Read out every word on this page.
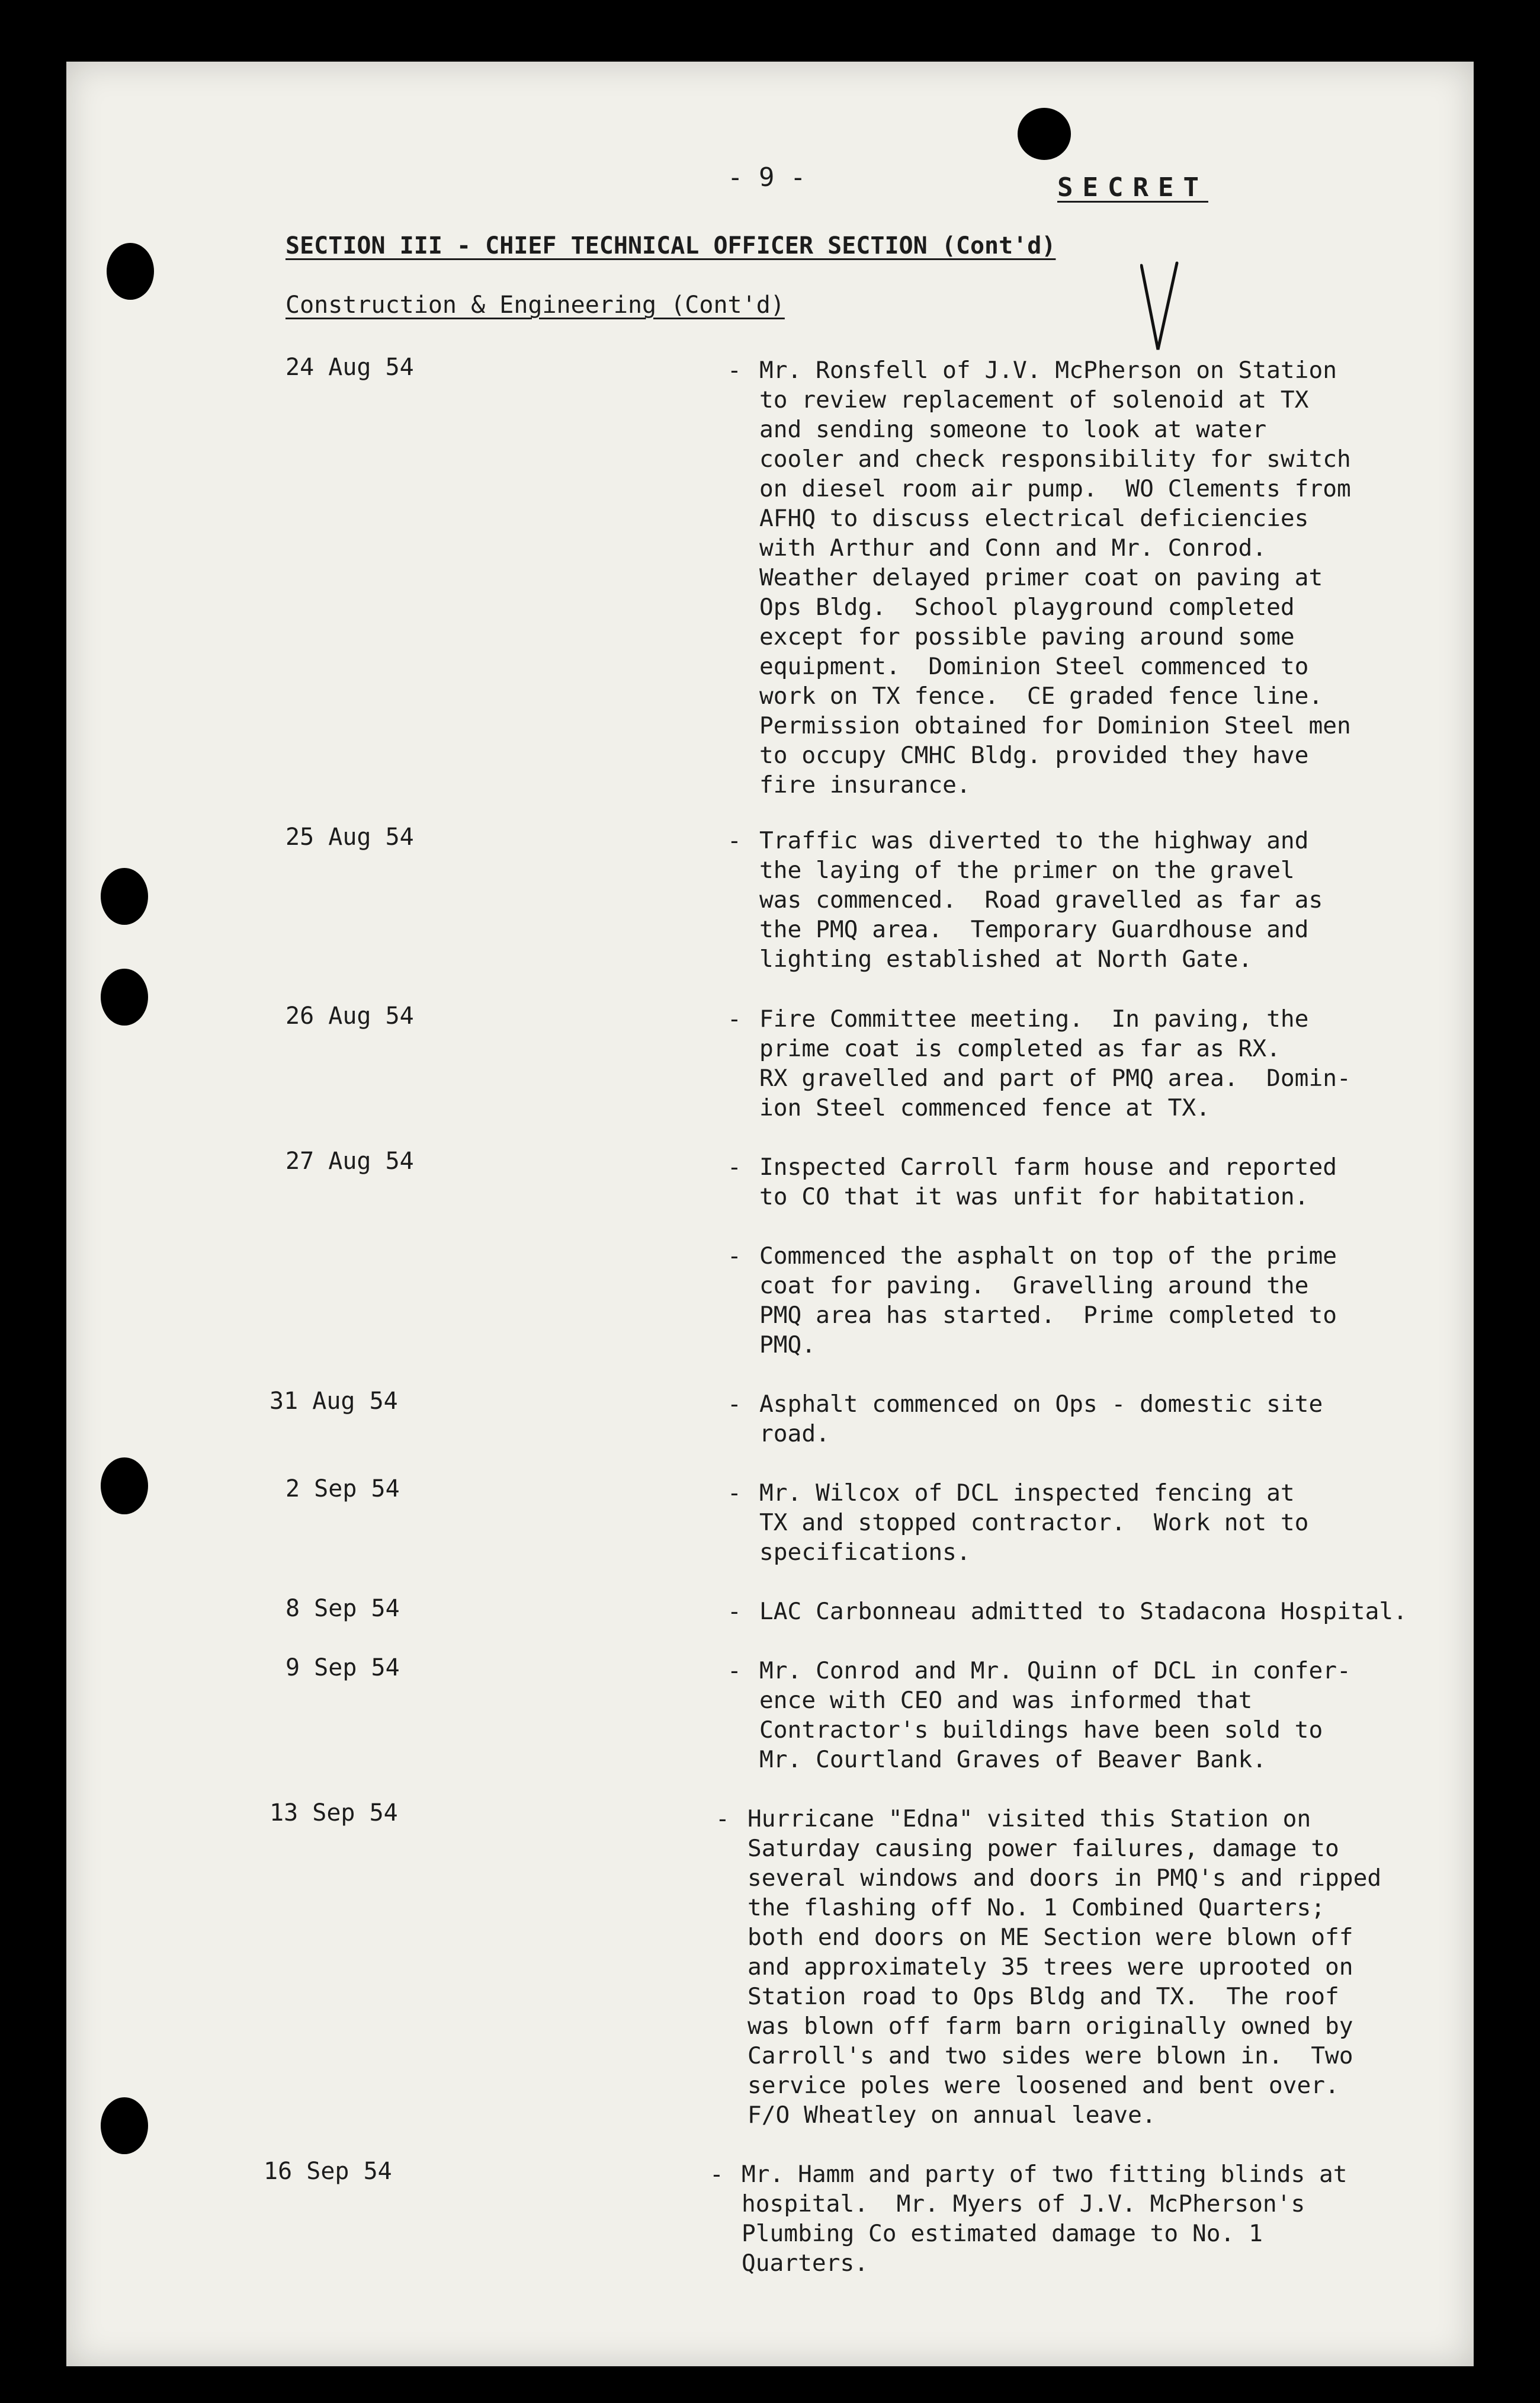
- 9 -	SECRET
SECTION III - CHIEF TECHNICAL OFFICER SECTION (Cont'd)
Construction & Engineering (Cont'd)
24 Aug 54	- Mr. Ronsfell of J.V. McPherson on Station
to review replacement of solenoid at TX
and sending someone to look at water
cooler and check responsibility for switch
on diesel room air pump.  WO Clements from
AFHQ to discuss electrical deficiencies
with Arthur and Conn and Mr. Conrod.
Weather delayed primer coat on paving at
Ops Bldg.  School playground completed
except for possible paving around some
equipment.  Dominion Steel commenced to
work on TX fence.  CE graded fence line.
Permission obtained for Dominion Steel men
to occupy CMHC Bldg. provided they have
fire insurance.
25 Aug 54	- Traffic was diverted to the highway and
the laying of the primer on the gravel
was commenced.  Road gravelled as far as
the PMQ area.  Temporary Guardhouse and
lighting established at North Gate.
26 Aug 54	- Fire Committee meeting.  In paving, the
prime coat is completed as far as RX.
RX gravelled and part of PMQ area.  Domin-
ion Steel commenced fence at TX.
27 Aug 54	- Inspected Carroll farm house and reported
to CO that it was unfit for habitation.
- Commenced the asphalt on top of the prime
coat for paving.  Gravelling around the
PMQ area has started.  Prime completed to
PMQ.
31 Aug 54	- Asphalt commenced on Ops - domestic site
road.
2 Sep 54	- Mr. Wilcox of DCL inspected fencing at
TX and stopped contractor.  Work not to
specifications.
8 Sep 54	- LAC Carbonneau admitted to Stadacona Hospital.
9 Sep 54	- Mr. Conrod and Mr. Quinn of DCL in confer-
ence with CEO and was informed that
Contractor's buildings have been sold to
Mr. Courtland Graves of Beaver Bank.
13 Sep 54	- Hurricane "Edna" visited this Station on
Saturday causing power failures, damage to
several windows and doors in PMQ's and ripped
the flashing off No. 1 Combined Quarters;
both end doors on ME Section were blown off
and approximately 35 trees were uprooted on
Station road to Ops Bldg and TX.  The roof
was blown off farm barn originally owned by
Carroll's and two sides were blown in.  Two
service poles were loosened and bent over.
F/O Wheatley on annual leave.
16 Sep 54	- Mr. Hamm and party of two fitting blinds at
hospital.  Mr. Myers of J.V. McPherson's
Plumbing Co estimated damage to No. 1
Quarters.
